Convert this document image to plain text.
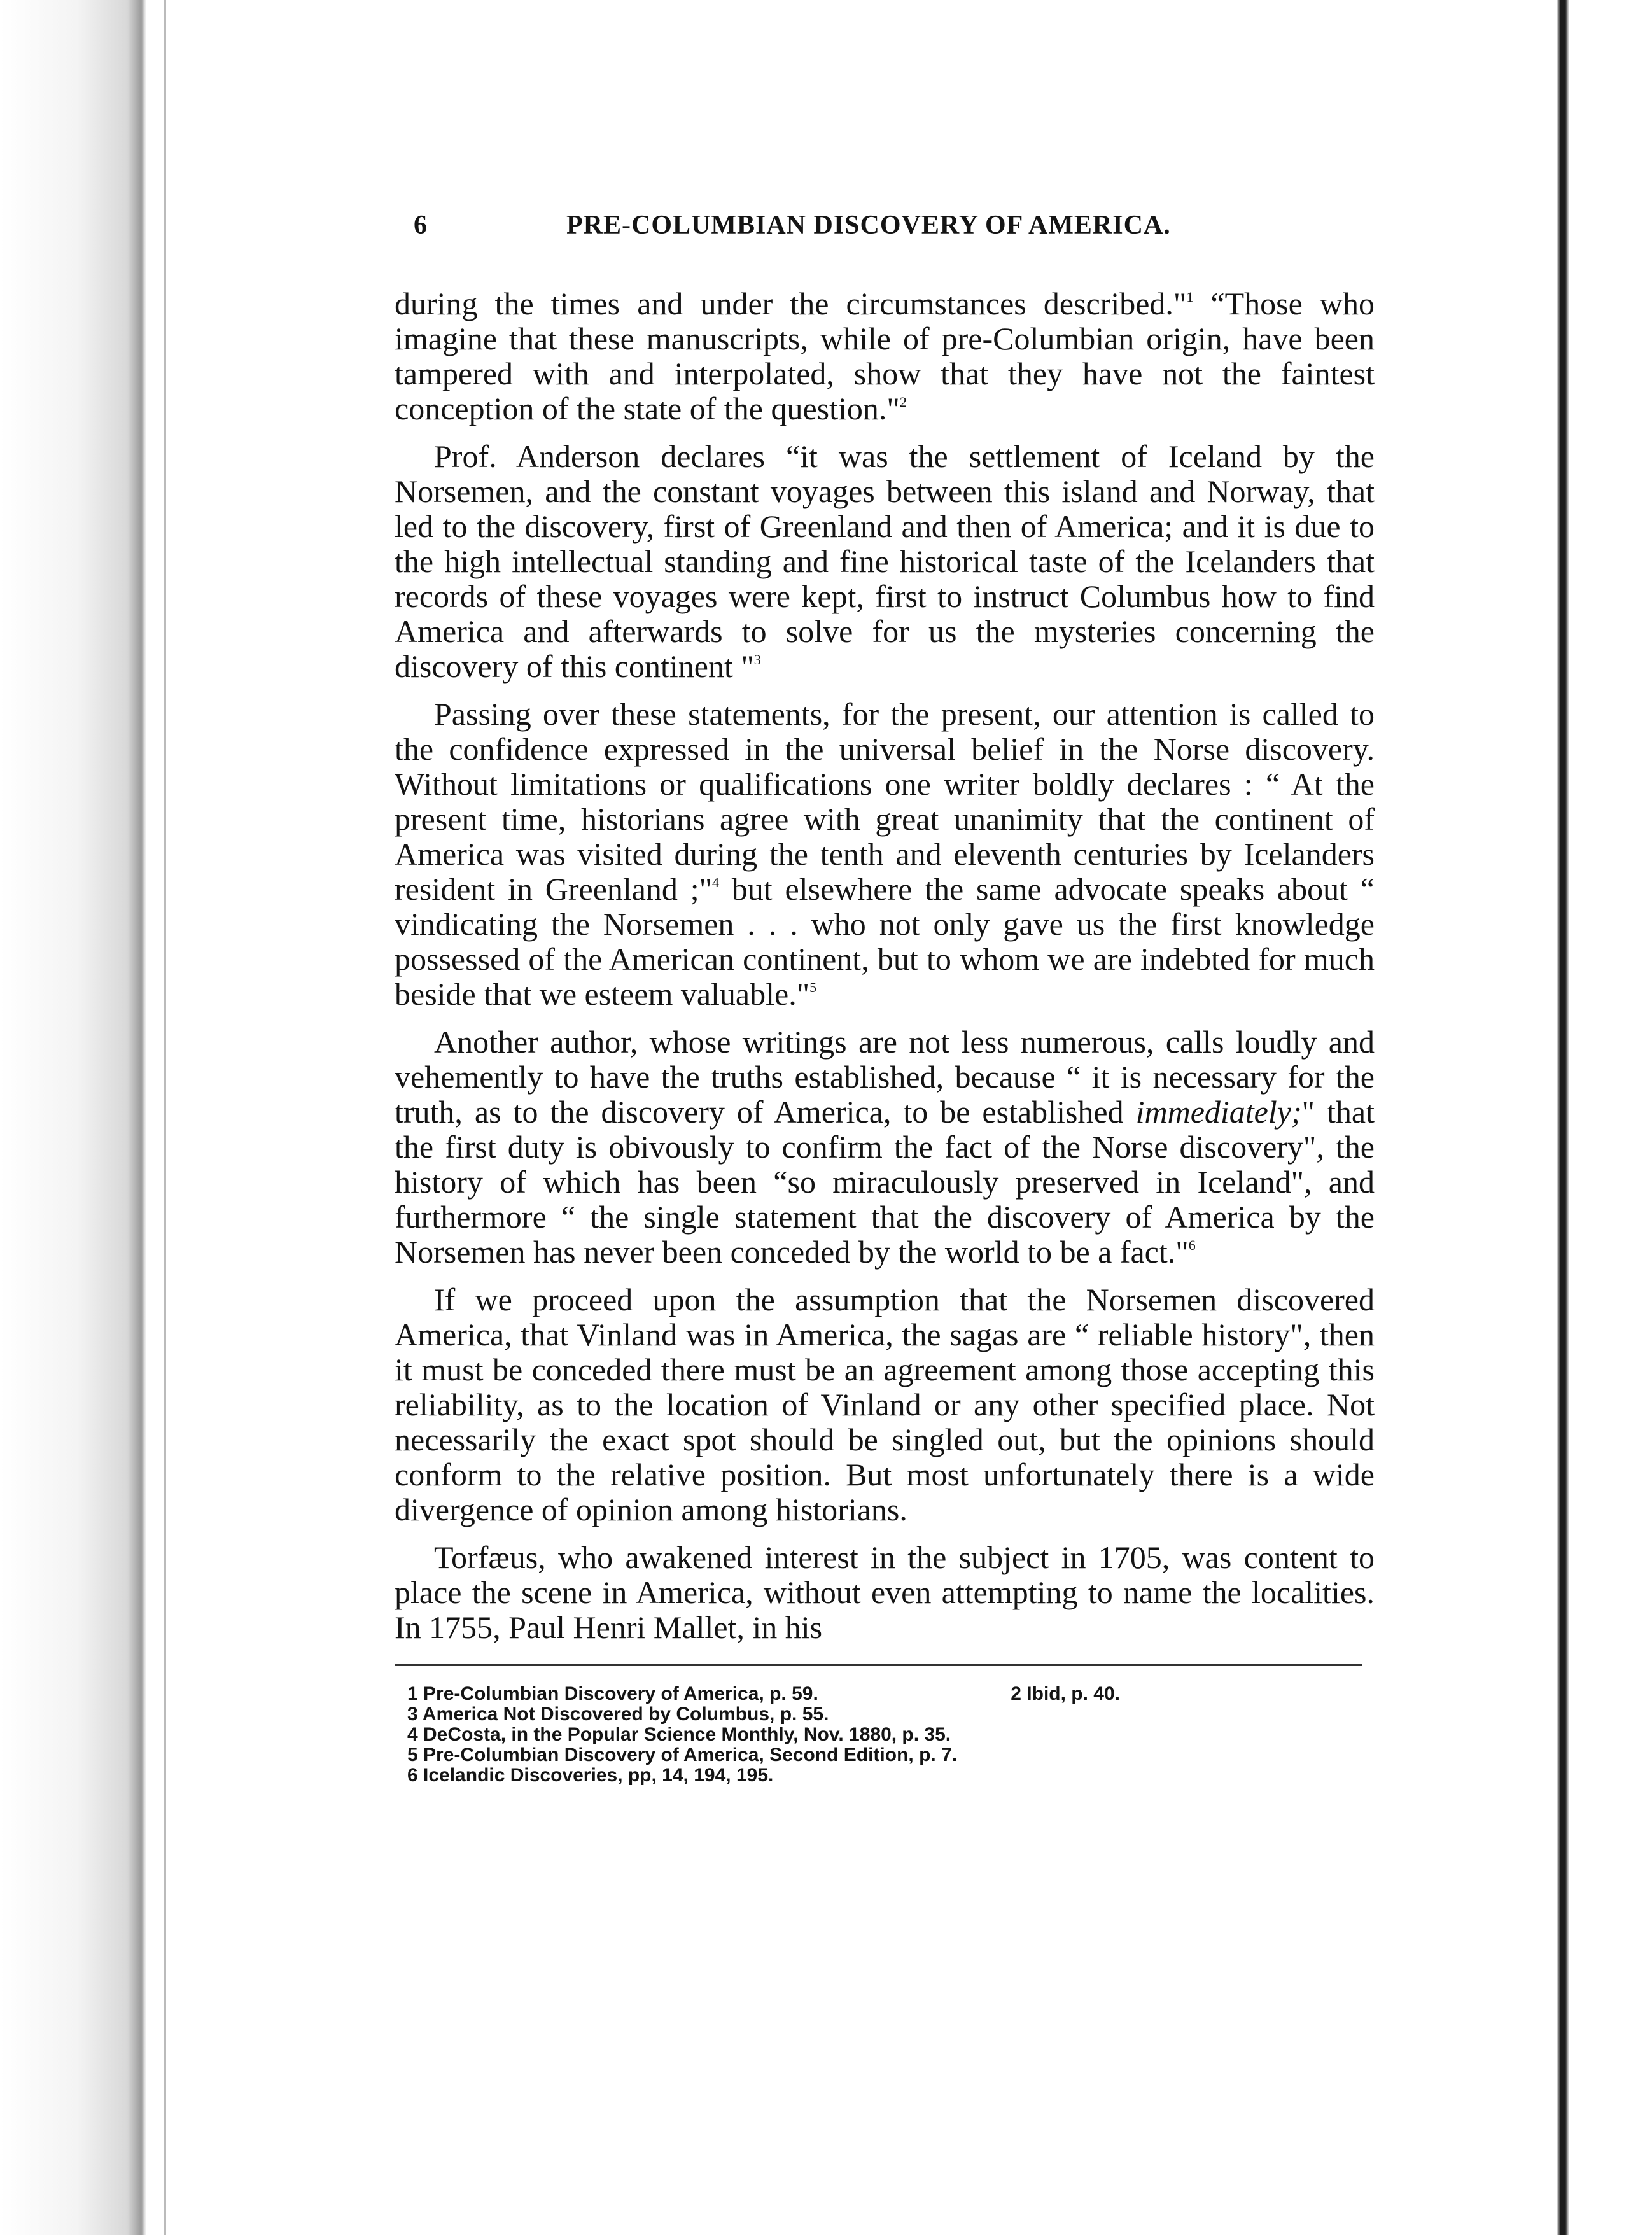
6	PRE-COLUMBIAN DISCOVERY OF AMERICA.

during the times and under the circumstances described."$^1$ “Those who imagine that these manuscripts, while of pre-Columbian origin, have been tampered with and interpolated, show that they have not the faintest conception of the state of the question."$^2$

Prof. Anderson declares “it was the settlement of Iceland by the Norsemen, and the constant voyages between this island and Norway, that led to the discovery, first of Greenland and then of America; and it is due to the high intellectual standing and fine historical taste of the Icelanders that records of these voyages were kept, first to instruct Columbus how to find America and afterwards to solve for us the mysteries concerning the discovery of this continent "$^3$

Passing over these statements, for the present, our attention is called to the confidence expressed in the universal belief in the Norse discovery. Without limitations or qualifications one writer boldly declares : “ At the present time, historians agree with great unanimity that the continent of America was visited during the tenth and eleventh centuries by Icelanders resident in Greenland ;"$^4$ but elsewhere the same advocate speaks about “ vindicating the Norsemen . . . who not only gave us the first knowledge possessed of the American continent, but to whom we are indebted for much beside that we esteem valuable."$^5$

Another author, whose writings are not less numerous, calls loudly and vehemently to have the truths established, because “ it is necessary for the truth, as to the discovery of America, to be established immediately;" that the first duty is obivously to confirm the fact of the Norse discovery", the history of which has been “so miraculously preserved in Iceland", and furthermore “ the single statement that the discovery of America by the Norsemen has never been conceded by the world to be a fact."$^6$

If we proceed upon the assumption that the Norsemen discovered America, that Vinland was in America, the sagas are “ reliable history", then it must be conceded there must be an agreement among those accepting this reliability, as to the location of Vinland or any other specified place. Not necessarily the exact spot should be singled out, but the opinions should conform to the relative position. But most unfortunately there is a wide divergence of opinion among historians.

Torfæus, who awakened interest in the subject in 1705, was content to place the scene in America, without even attempting to name the localities. In 1755, Paul Henri Mallet, in his

1 Pre-Columbian Discovery of America, p. 59.	2 Ibid, p. 40.
3 America Not Discovered by Columbus, p. 55.
4 DeCosta, in the Popular Science Monthly, Nov. 1880, p. 35.
5 Pre-Columbian Discovery of America, Second Edition, p. 7.
6 Icelandic Discoveries, pp, 14, 194, 195.
